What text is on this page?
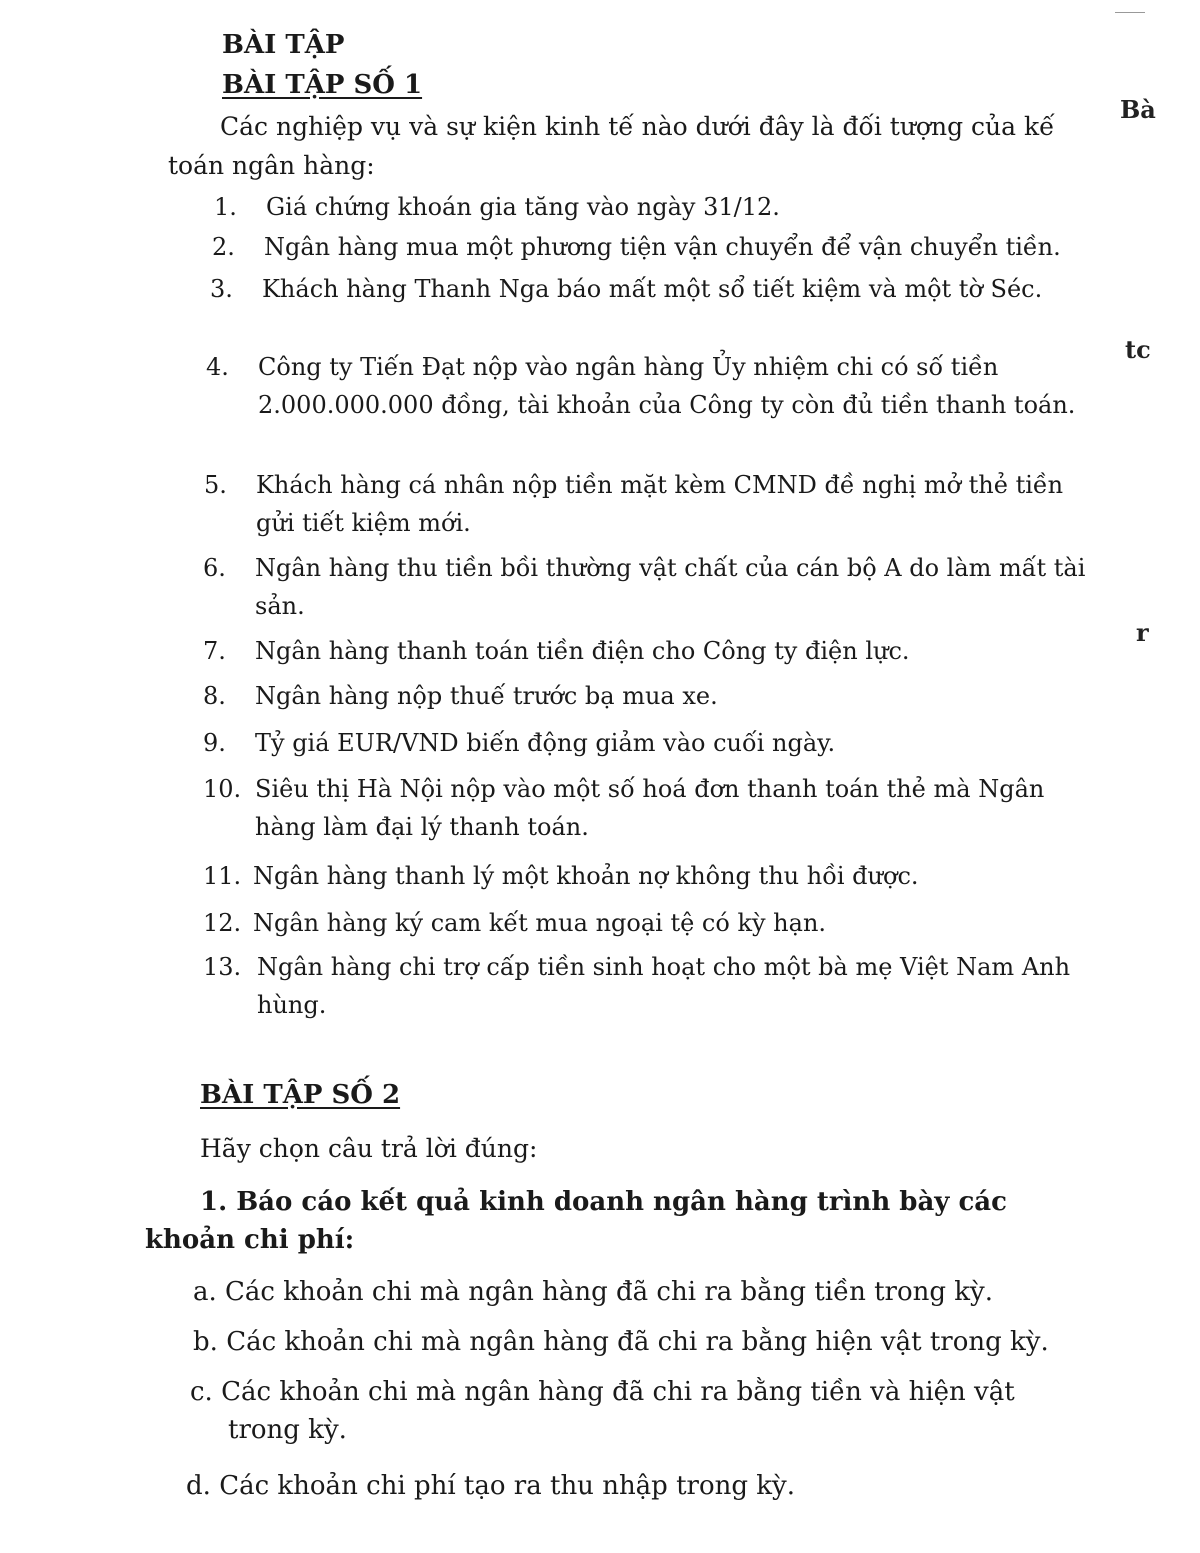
BÀI TẬP
BÀI TẬP SỐ 1
Các nghiệp vụ và sự kiện kinh tế nào dưới đây là đối tượng của kế
toán ngân hàng:
1. Giá chứng khoán gia tăng vào ngày 31/12.
2. Ngân hàng mua một phương tiện vận chuyển để vận chuyển tiền.
3. Khách hàng Thanh Nga báo mất một sổ tiết kiệm và một tờ Séc.
4. Công ty Tiến Đạt nộp vào ngân hàng Ủy nhiệm chi có số tiền 2.000.000.000 đồng, tài khoản của Công ty còn đủ tiền thanh toán.
5. Khách hàng cá nhân nộp tiền mặt kèm CMND đề nghị mở thẻ tiền gửi tiết kiệm mới.
6. Ngân hàng thu tiền bồi thường vật chất của cán bộ A do làm mất tài sản.
7. Ngân hàng thanh toán tiền điện cho Công ty điện lực.
8. Ngân hàng nộp thuế trước bạ mua xe.
9. Tỷ giá EUR/VND biến động giảm vào cuối ngày.
10. Siêu thị Hà Nội nộp vào một số hoá đơn thanh toán thẻ mà Ngân hàng làm đại lý thanh toán.
11. Ngân hàng thanh lý một khoản nợ không thu hồi được.
12. Ngân hàng ký cam kết mua ngoại tệ có kỳ hạn.
13. Ngân hàng chi trợ cấp tiền sinh hoạt cho một bà mẹ Việt Nam Anh hùng.
BÀI TẬP SỐ 2
Hãy chọn câu trả lời đúng:
1. Báo cáo kết quả kinh doanh ngân hàng trình bày các
khoản chi phí:
a. Các khoản chi mà ngân hàng đã chi ra bằng tiền trong kỳ.
b. Các khoản chi mà ngân hàng đã chi ra bằng hiện vật trong kỳ.
c. Các khoản chi mà ngân hàng đã chi ra bằng tiền và hiện vật
trong kỳ.
d. Các khoản chi phí tạo ra thu nhập trong kỳ.
Bà
tc
r
